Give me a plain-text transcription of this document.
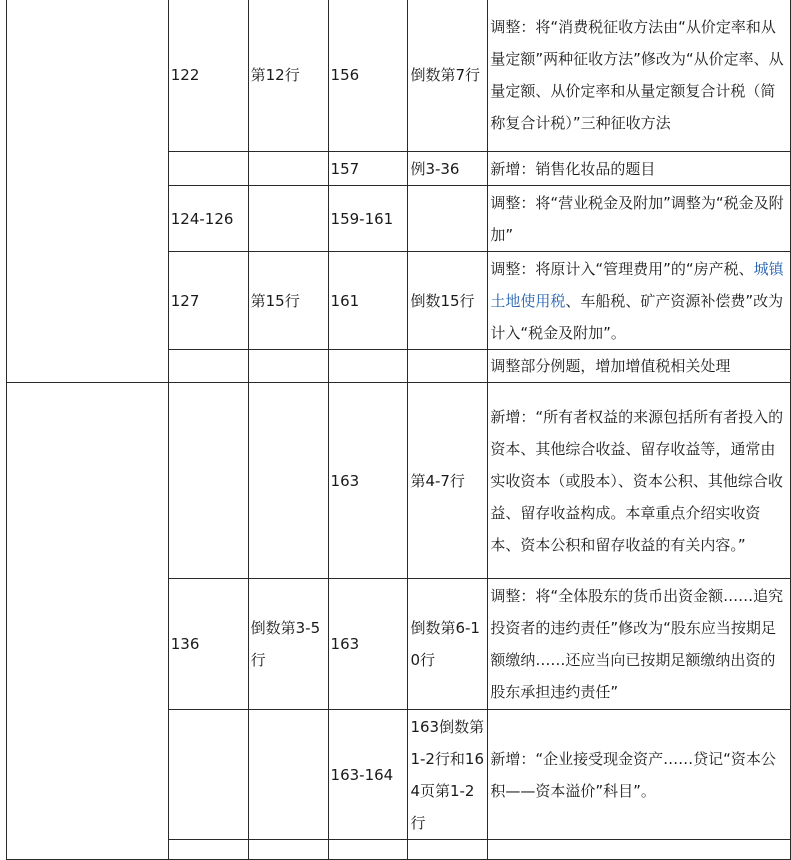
	122	第12行	156	倒数第7行	调整：将“消费税征收方法由“从价定率和从量定额”两种征收方法”修改为“从价定率、从量定额、从价定率和从量定额复合计税（简称复合计税）”三种征收方法
			157	例3-36	新增：销售化妆品的题目
	124-126		159-161		调整：将“营业税金及附加”调整为“税金及附加”
	127	第15行	161	倒数15行	调整：将原计入“管理费用”的“房产税、城镇土地使用税、车船税、矿产资源补偿费”改为计入“税金及附加”。
					调整部分例题，增加增值税相关处理
			163	第4-7行	新增：“所有者权益的来源包括所有者投入的资本、其他综合收益、留存收益等，通常由实收资本（或股本）、资本公积、其他综合收益、留存收益构成。本章重点介绍实收资本、资本公积和留存收益的有关内容。”
	136	倒数第3-5行	163	倒数第6-10行	调整：将“全体股东的货币出资金额……追究投资者的违约责任”修改为“股东应当按期足额缴纳……还应当向已按期足额缴纳出资的股东承担违约责任”
			163-164	163倒数第1-2行和164页第1-2行	新增：“企业接受现金资产……贷记“资本公积——资本溢价”科目”。
